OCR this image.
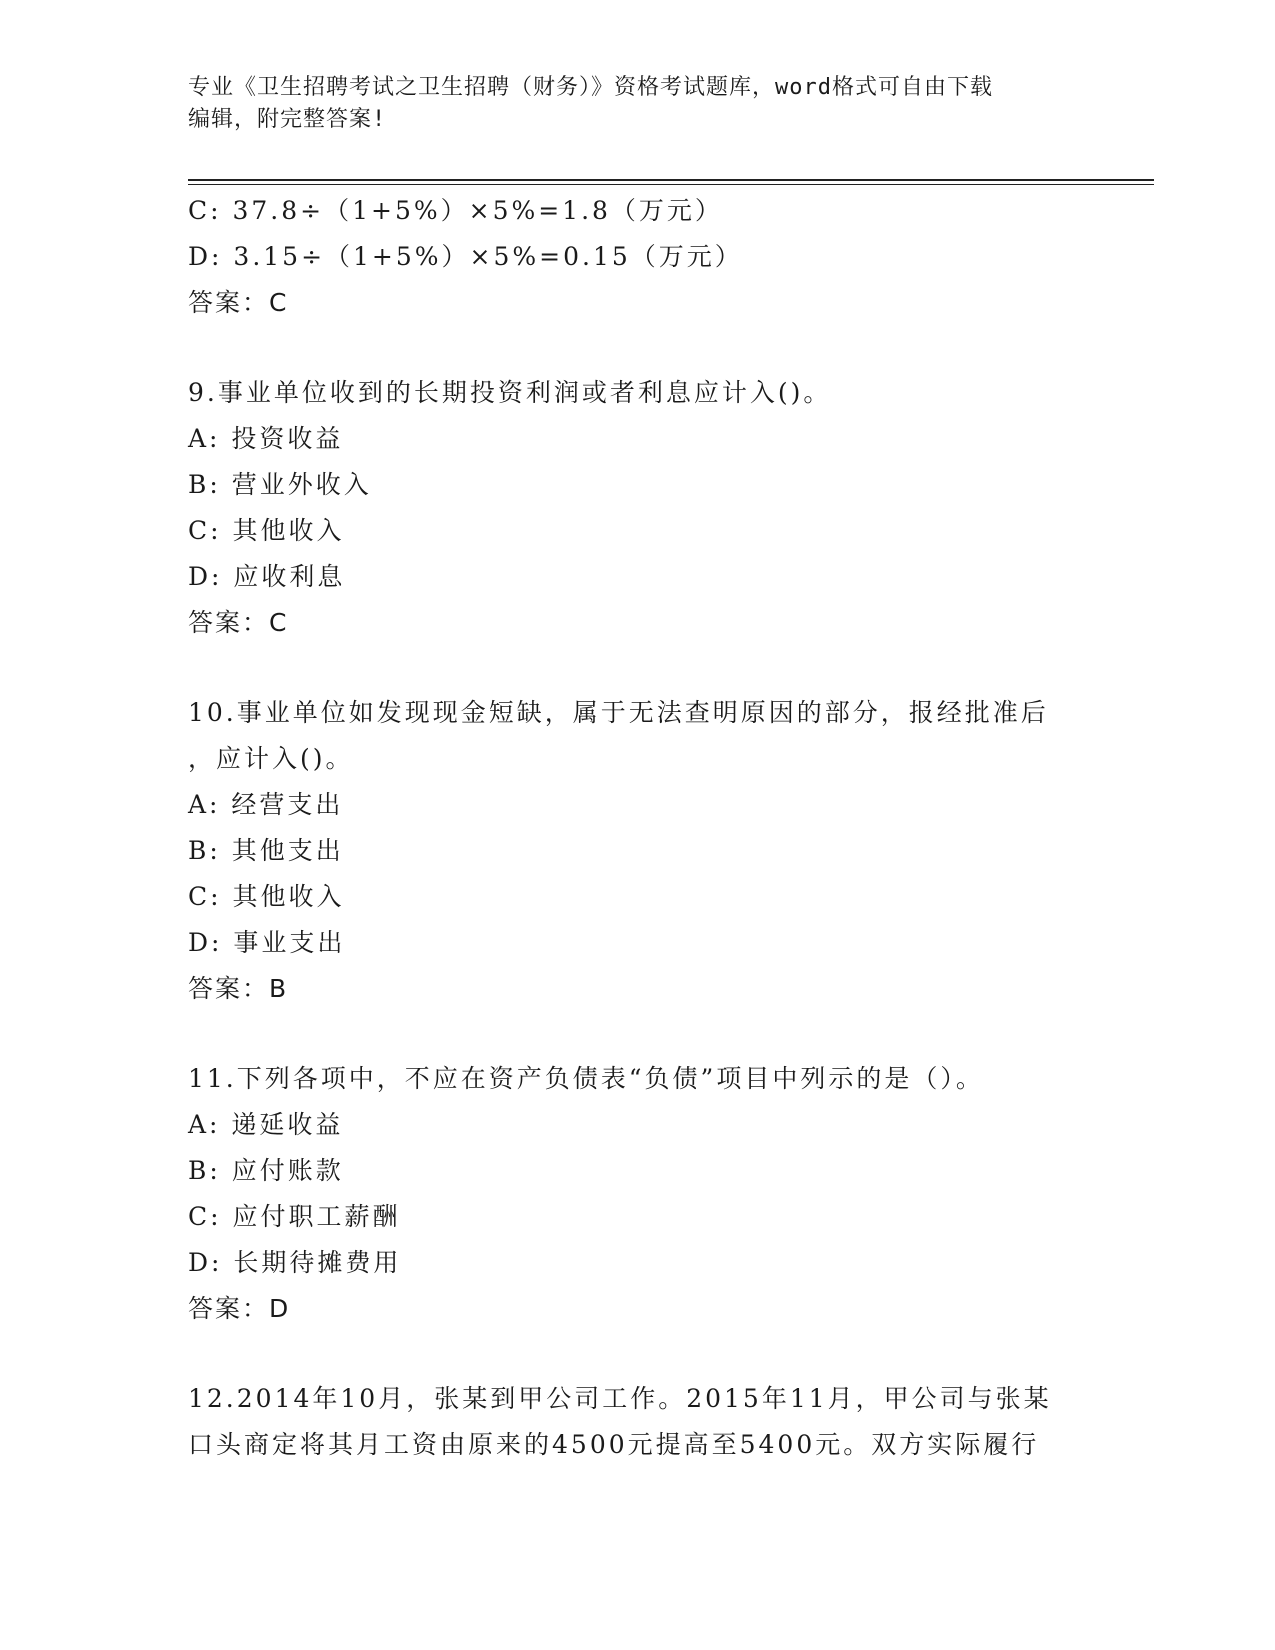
专业《卫生招聘考试之卫生招聘（财务）》资格考试题库，word格式可自由下载
编辑，附完整答案!
C: 37.8÷（1+5%）×5%=1.8（万元）
D: 3.15÷（1+5%）×5%=0.15（万元）
答案：C
9.事业单位收到的长期投资利润或者利息应计入()。
A: 投资收益
B: 营业外收入
C: 其他收入
D: 应收利息
答案：C
10.事业单位如发现现金短缺，属于无法查明原因的部分，报经批准后
，应计入()。
A: 经营支出
B: 其他支出
C: 其他收入
D: 事业支出
答案：B
11.下列各项中，不应在资产负债表“负债”项目中列示的是（）。
A: 递延收益
B: 应付账款
C: 应付职工薪酬
D: 长期待摊费用
答案：D
12.2014年10月，张某到甲公司工作。2015年11月，甲公司与张某
口头商定将其月工资由原来的4500元提高至5400元。双方实际履行
